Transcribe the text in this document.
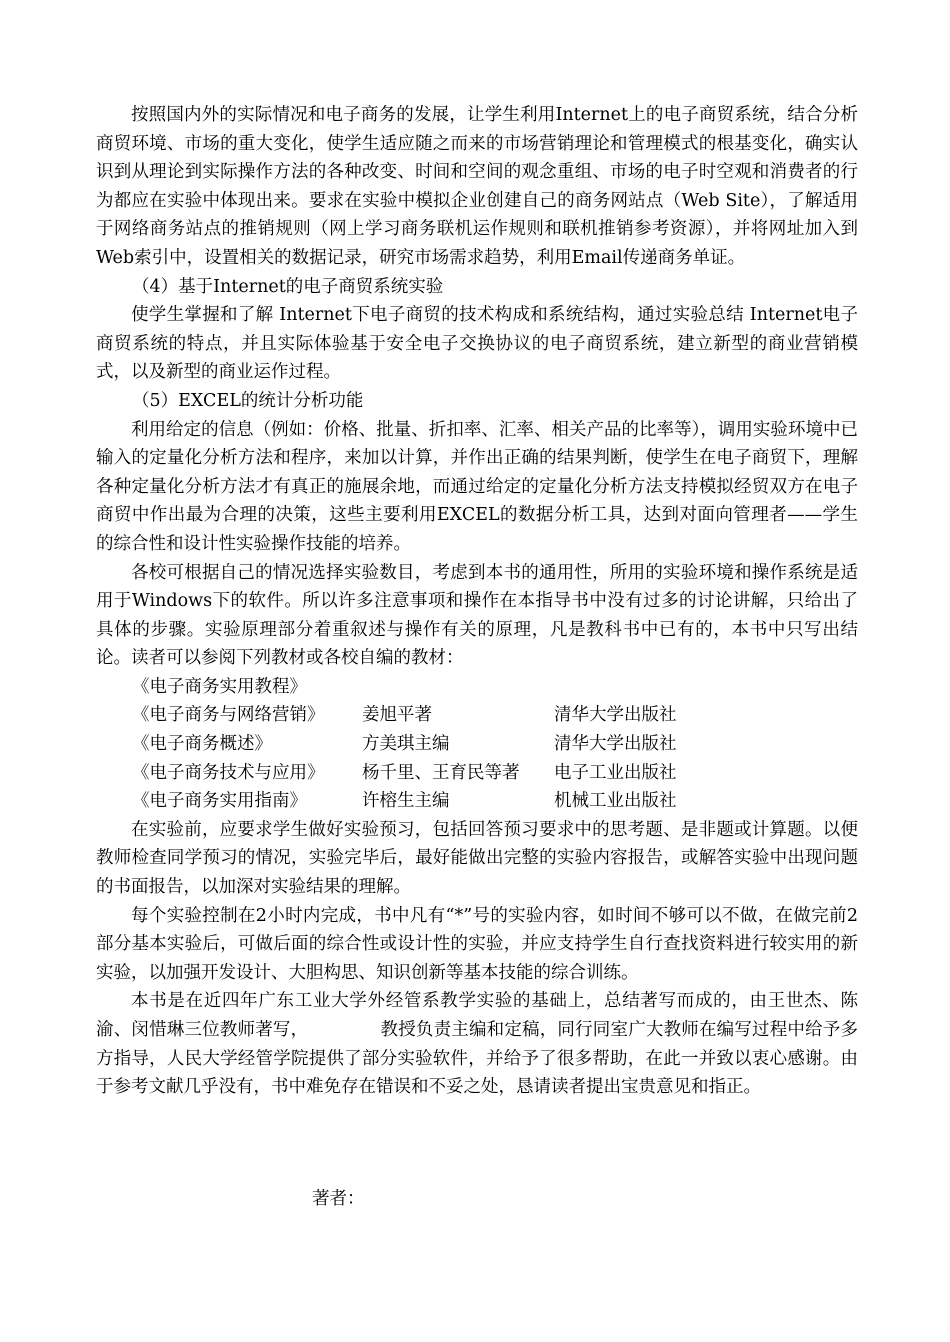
按照国内外的实际情况和电子商务的发展，让学生利用Internet上的电子商贸系统，结合分析商贸环境、市场的重大变化，使学生适应随之而来的市场营销理论和管理模式的根基变化，确实认识到从理论到实际操作方法的各种改变、时间和空间的观念重组、市场的电子时空观和消费者的行为都应在实验中体现出来。要求在实验中模拟企业创建自己的商务网站点（Web Site），了解适用于网络商务站点的推销规则（网上学习商务联机运作规则和联机推销参考资源），并将网址加入到Web索引中，设置相关的数据记录，研究市场需求趋势，利用Email传递商务单证。

（4）基于Internet的电子商贸系统实验

使学生掌握和了解 Internet下电子商贸的技术构成和系统结构，通过实验总结 Internet电子商贸系统的特点，并且实际体验基于安全电子交换协议的电子商贸系统，建立新型的商业营销模式，以及新型的商业运作过程。

（5）EXCEL的统计分析功能

利用给定的信息（例如：价格、批量、折扣率、汇率、相关产品的比率等），调用实验环境中已输入的定量化分析方法和程序，来加以计算，并作出正确的结果判断，使学生在电子商贸下，理解各种定量化分析方法才有真正的施展余地，而通过给定的定量化分析方法支持模拟经贸双方在电子商贸中作出最为合理的决策，这些主要利用EXCEL的数据分析工具，达到对面向管理者——学生的综合性和设计性实验操作技能的培养。

各校可根据自己的情况选择实验数目，考虑到本书的通用性，所用的实验环境和操作系统是适用于Windows下的软件。所以许多注意事项和操作在本指导书中没有过多的讨论讲解，只给出了具体的步骤。实验原理部分着重叙述与操作有关的原理，凡是教科书中已有的，本书中只写出结论。读者可以参阅下列教材或各校自编的教材：

《电子商务实用教程》
《电子商务与网络营销》	姜旭平著	清华大学出版社
《电子商务概述》	方美琪主编	清华大学出版社
《电子商务技术与应用》	杨千里、王育民等著	电子工业出版社
《电子商务实用指南》	许榕生主编	机械工业出版社

在实验前，应要求学生做好实验预习，包括回答预习要求中的思考题、是非题或计算题。以便教师检查同学预习的情况，实验完毕后，最好能做出完整的实验内容报告，或解答实验中出现问题的书面报告，以加深对实验结果的理解。

每个实验控制在2小时内完成，书中凡有“*”号的实验内容，如时间不够可以不做，在做完前2部分基本实验后，可做后面的综合性或设计性的实验，并应支持学生自行查找资料进行较实用的新实验，以加强开发设计、大胆构思、知识创新等基本技能的综合训练。

本书是在近四年广东工业大学外经管系教学实验的基础上，总结著写而成的，由王世杰、陈渝、闵惜琳三位教师著写，	教授负责主编和定稿，同行同室广大教师在编写过程中给予多方指导，人民大学经管学院提供了部分实验软件，并给予了很多帮助，在此一并致以衷心感谢。由于参考文献几乎没有，书中难免存在错误和不妥之处，恳请读者提出宝贵意见和指正。

著者：
